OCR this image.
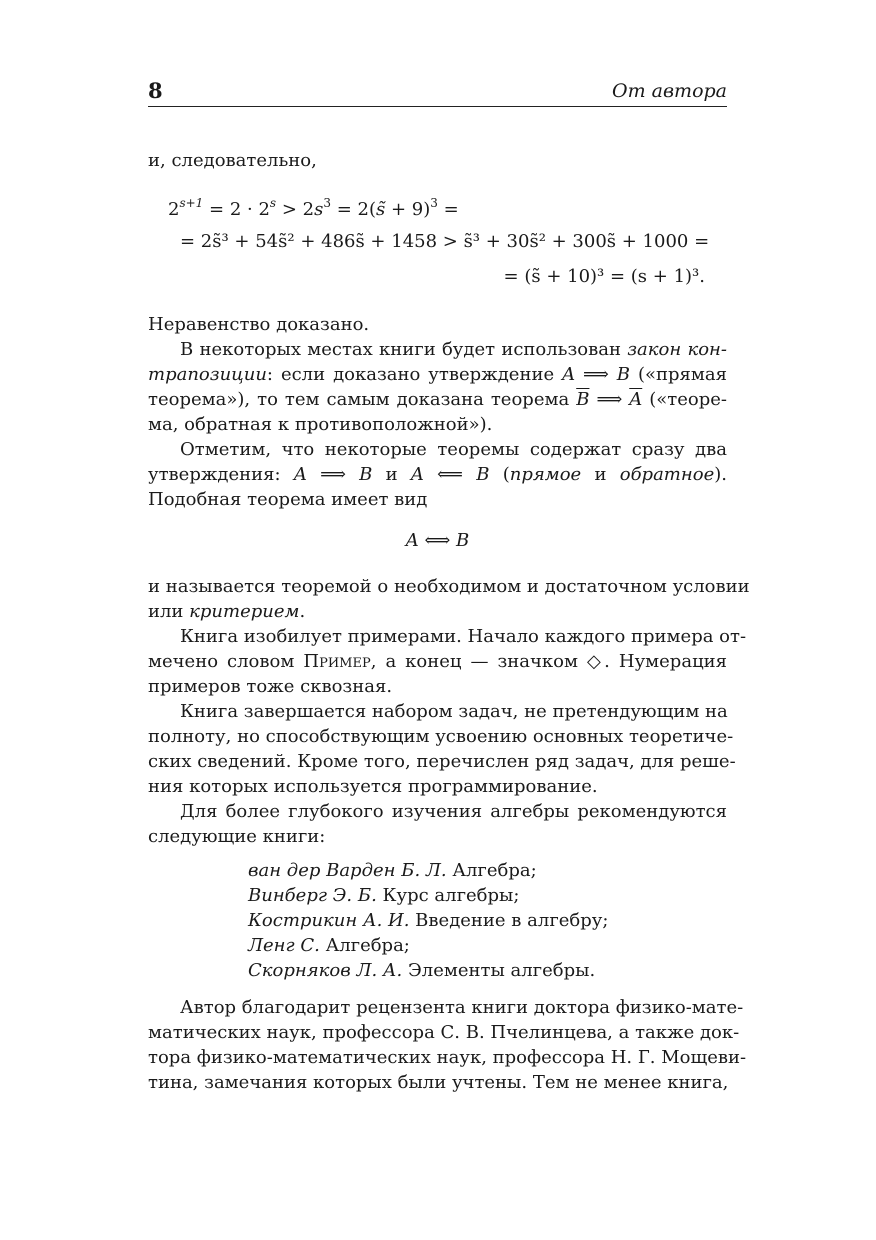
8	От автора
и, следовательно,
$2^{s+1} = 2 \cdot 2^s > 2s^3$ = 2(s̃ + 9)$^3$ =
= 2s̃³ + 54s̃² + 486s̃ + 1458 > s̃³ + 30s̃² + 300s̃ + 1000 =
= (s̃ + 10)³ = (s + 1)³.
Неравенство доказано.
В некоторых местах книги будет использован закон кон-
трапозиции: если доказано утверждение A ⟹ B («прямая
теорема»), то тем самым доказана теорема $\overline{B}$ ⟹ $\overline{A}$ («теоре-
ма, обратная к противоположной»).
Отметим, что некоторые теоремы содержат сразу два
утверждения: A ⟹ B и A ⟸ B (прямое и обратное).
Подобная теорема имеет вид
A ⟺ B
и называется теоремой о необходимом и достаточном условии
или критерием.
Книга изобилует примерами. Начало каждого примера от-
мечено словом Пример, а конец — значком ◇. Нумерация
примеров тоже сквозная.
Книга завершается набором задач, не претендующим на
полноту, но способствующим усвоению основных теоретиче-
ских сведений. Кроме того, перечислен ряд задач, для реше-
ния которых используется программирование.
Для более глубокого изучения алгебры рекомендуются
следующие книги:
ван дер Варден Б. Л. Алгебра;
Винберг Э. Б. Курс алгебры;
Кострикин А. И. Введение в алгебру;
Ленг С. Алгебра;
Скорняков Л. А. Элементы алгебры.
Автор благодарит рецензента книги доктора физико-мате-
матических наук, профессора С. В. Пчелинцева, а также док-
тора физико-математических наук, профессора Н. Г. Мощеви-
тина, замечания которых были учтены. Тем не менее книга,
